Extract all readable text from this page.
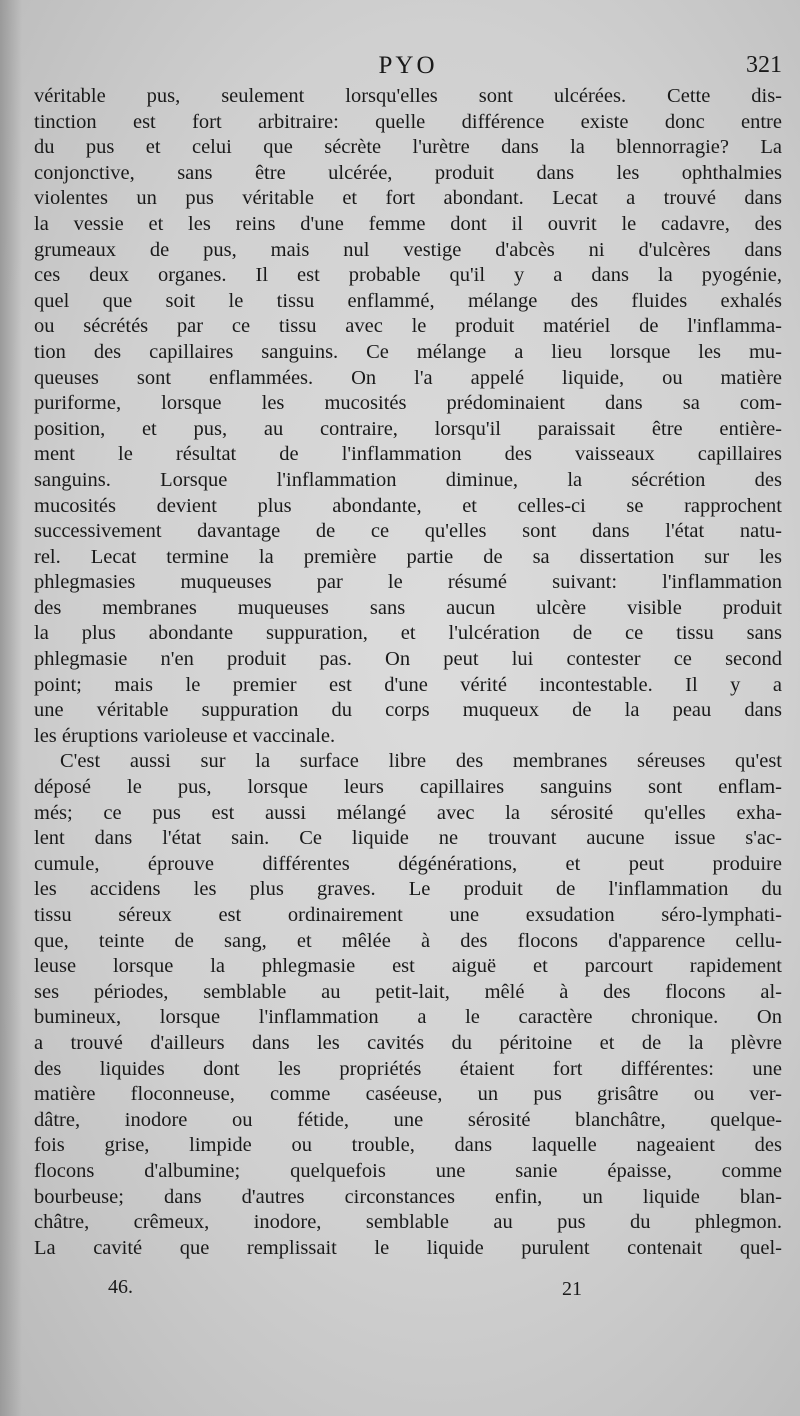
PYO	321
véritable pus, seulement lorsqu'elles sont ulcérées. Cette dis-
tinction est fort arbitraire: quelle différence existe donc entre
du pus et celui que sécrète l'urètre dans la blennorragie? La
conjonctive, sans être ulcérée, produit dans les ophthalmies
violentes un pus véritable et fort abondant. Lecat a trouvé dans
la vessie et les reins d'une femme dont il ouvrit le cadavre, des
grumeaux de pus, mais nul vestige d'abcès ni d'ulcères dans
ces deux organes. Il est probable qu'il y a dans la pyogénie,
quel que soit le tissu enflammé, mélange des fluides exhalés
ou sécrétés par ce tissu avec le produit matériel de l'inflamma-
tion des capillaires sanguins. Ce mélange a lieu lorsque les mu-
queuses sont enflammées. On l'a appelé liquide, ou matière
puriforme, lorsque les mucosités prédominaient dans sa com-
position, et pus, au contraire, lorsqu'il paraissait être entière-
ment le résultat de l'inflammation des vaisseaux capillaires
sanguins. Lorsque l'inflammation diminue, la sécrétion des
mucosités devient plus abondante, et celles-ci se rapprochent
successivement davantage de ce qu'elles sont dans l'état natu-
rel. Lecat termine la première partie de sa dissertation sur les
phlegmasies muqueuses par le résumé suivant: l'inflammation
des membranes muqueuses sans aucun ulcère visible produit
la plus abondante suppuration, et l'ulcération de ce tissu sans
phlegmasie n'en produit pas. On peut lui contester ce second
point; mais le premier est d'une vérité incontestable. Il y a
une véritable suppuration du corps muqueux de la peau dans
les éruptions varioleuse et vaccinale.
C'est aussi sur la surface libre des membranes séreuses qu'est
déposé le pus, lorsque leurs capillaires sanguins sont enflam-
més; ce pus est aussi mélangé avec la sérosité qu'elles exha-
lent dans l'état sain. Ce liquide ne trouvant aucune issue s'ac-
cumule, éprouve différentes dégénérations, et peut produire
les accidens les plus graves. Le produit de l'inflammation du
tissu séreux est ordinairement une exsudation séro-lymphati-
que, teinte de sang, et mêlée à des flocons d'apparence cellu-
leuse lorsque la phlegmasie est aiguë et parcourt rapidement
ses périodes, semblable au petit-lait, mêlé à des flocons al-
bumineux, lorsque l'inflammation a le caractère chronique. On
a trouvé d'ailleurs dans les cavités du péritoine et de la plèvre
des liquides dont les propriétés étaient fort différentes: une
matière floconneuse, comme caséeuse, un pus grisâtre ou ver-
dâtre, inodore ou fétide, une sérosité blanchâtre, quelque-
fois grise, limpide ou trouble, dans laquelle nageaient des
flocons d'albumine; quelquefois une sanie épaisse, comme
bourbeuse; dans d'autres circonstances enfin, un liquide blan-
châtre, crêmeux, inodore, semblable au pus du phlegmon.
La cavité que remplissait le liquide purulent contenait quel-
46.	21
